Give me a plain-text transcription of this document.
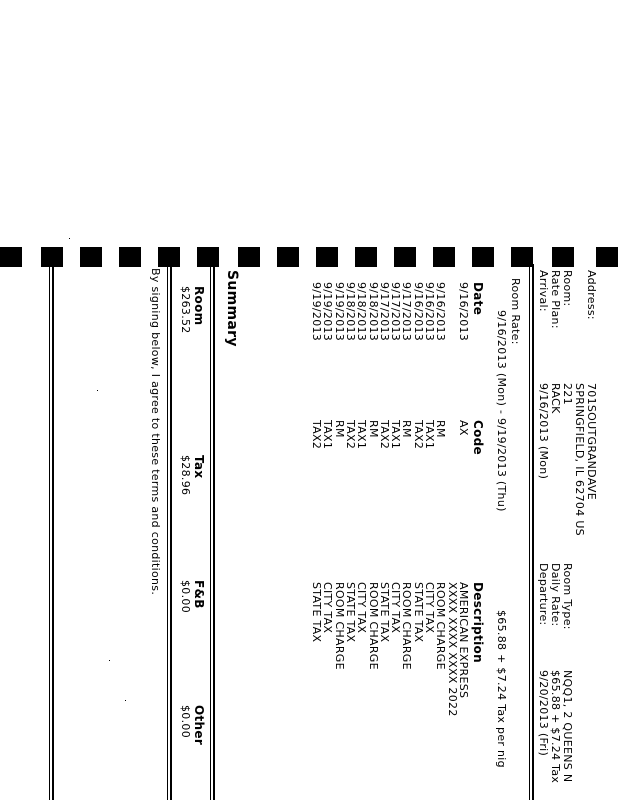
Address:
701SOUTGRANDAVE
SPRINGFIELD, IL 62704 US
Room:
221
Rate Plan:
RACK
Arrival:
9/16/2013 (Mon)
Room Type:
NQQ1, 2 QUEENS N
Daily Rate:
$65.88 + $7.24 Tax
Departure:
9/20/2013 (Fri)
Room Rate:
9/16/2013 (Mon) - 9/19/2013 (Thu)
$65.88 + $7.24 Tax per nig
Date
Code
Description
9/16/2013
AX
AMERICAN EXPRESS
XXXX XXXX XXXX 2022
9/16/2013
RM
ROOM CHARGE
9/16/2013
TAX1
CITY TAX
9/16/2013
TAX2
STATE TAX
9/17/2013
RM
ROOM CHARGE
9/17/2013
TAX1
CITY TAX
9/17/2013
TAX2
STATE TAX
9/18/2013
RM
ROOM CHARGE
9/18/2013
TAX1
CITY TAX
9/18/2013
TAX2
STATE TAX
9/19/2013
RM
ROOM CHARGE
9/19/2013
TAX1
CITY TAX
9/19/2013
TAX2
STATE TAX
Summary
Room
Tax
F&B
Other
$263.52
$28.96
$0.00
$0.00
By signing below, I agree to these terms and conditions.
